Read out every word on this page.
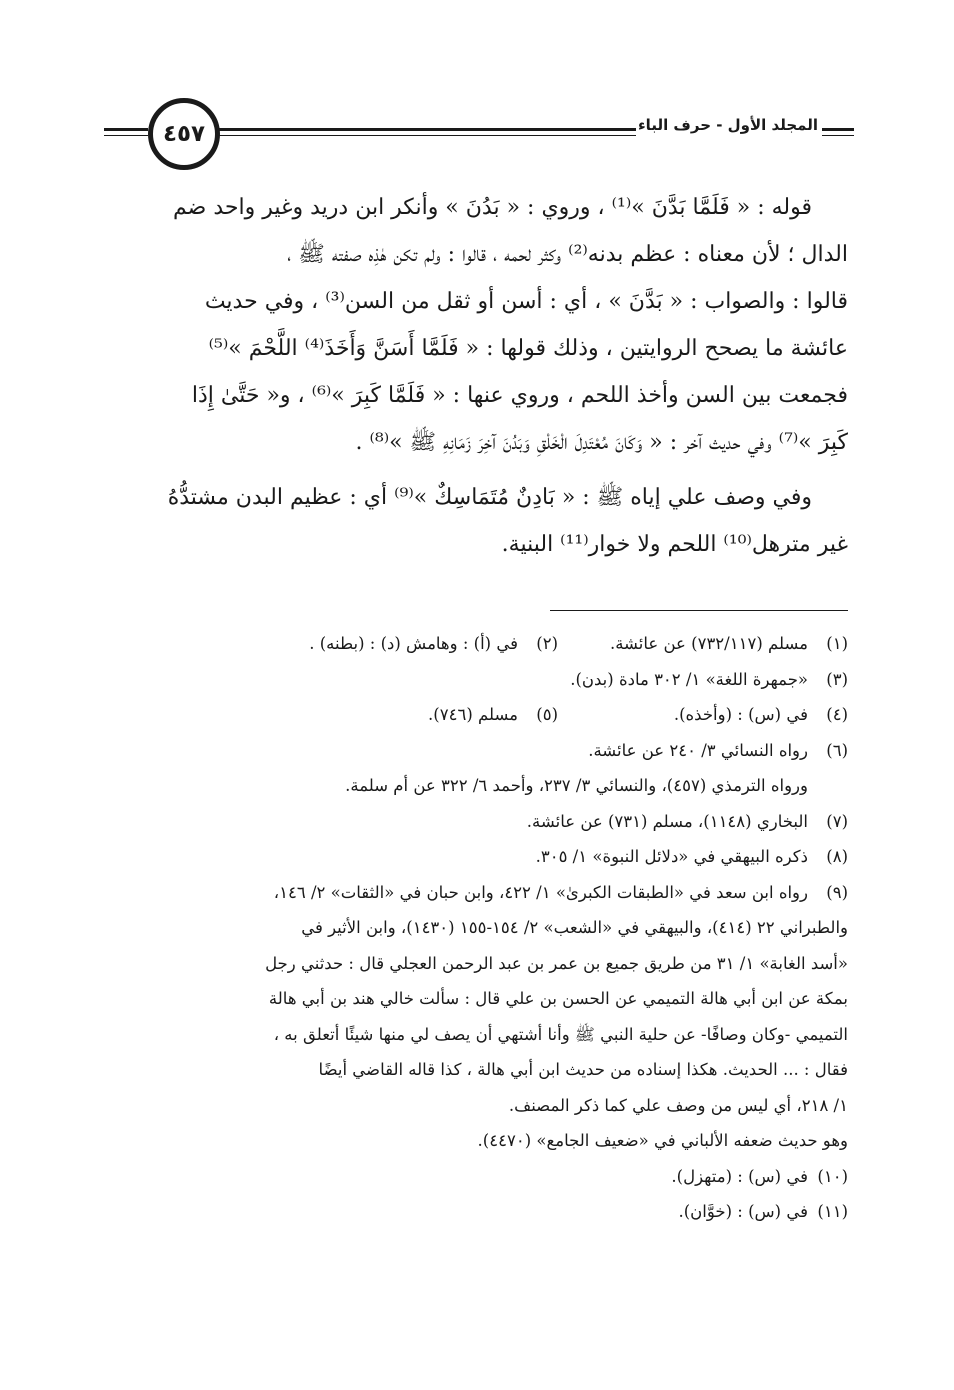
٤٥٧	المجلد الأول - حرف الباء

قوله : « فَلَمَّا بَدَّنَ »⁽¹⁾ ، وروي : « بَدُنَ » وأنكر ابن دريد وغير واحد ضم

الدال ؛ لأن معناه : عظم بدنه⁽²⁾ وكثر لحمه ، قالوا : ولم تكن هٰذِه صفته ﷺ ،

قالوا : والصواب : « بَدَّنَ » ، أي : أسن أو ثقل من السن⁽³⁾ ، وفي حديث

عائشة ما يصحح الروايتين ، وذلك قولها : « فَلَمَّا أَسَنَّ وَأَخَذَ⁽⁴⁾ اللَّحْمَ »⁽⁵⁾

فجمعت بين السن وأخذ اللحم ، وروي عنها : « فَلَمَّا كَبِرَ »⁽⁶⁾ ، و« حَتَّىٰ إِذَا

كَبِرَ »⁽⁷⁾ وفي حديث آخر : « وَكَانَ مُعْتَدِلَ الْخَلْقِ وَبَدُنَ آخِرَ زَمَانِهِ ﷺ »⁽⁸⁾ .

وفي وصف علي إياه ﷺ : « بَادِنٌ مُتَمَاسِكٌ »⁽⁹⁾ أي : عظيم البدن مشتدُّهُ

غير مترهل⁽¹⁰⁾ اللحم ولا خوار⁽¹¹⁾ البنية.

(١)
مسلم (٧٣٢/١١٧) عن عائشة.
(٢)
في (أ) : وهامش (د) : (بطنه) .
(٣)
«جمهرة اللغة» ١/ ٣٠٢ مادة (بدن).
(٤)
في (س) : (وأخذه).
(٥)
مسلم (٧٤٦).
(٦)
رواه النسائي ٣/ ٢٤٠ عن عائشة.
ورواه الترمذي (٤٥٧)، والنسائي ٣/ ٢٣٧، وأحمد ٦/ ٣٢٢ عن أم سلمة.
(٧)
البخاري (١١٤٨)، مسلم (٧٣١) عن عائشة.
(٨)
ذكره البيهقي في «دلائل النبوة» ١/ ٣٠٥.
(٩)
رواه ابن سعد في «الطبقات الكبرىٰ» ١/ ٤٢٢، وابن حبان في «الثقات» ٢/ ١٤٦،
والطبراني ٢٢ (٤١٤)، والبيهقي في «الشعب» ٢/ ١٥٤-١٥٥ (١٤٣٠)، وابن الأثير في
«أسد الغابة» ١/ ٣١ من طريق جميع بن عمر بن عبد الرحمن العجلي قال : حدثني رجل
بمكة عن ابن أبي هالة التميمي عن الحسن بن علي قال : سألت خالي هند بن أبي هالة
التميمي -وكان وصافًا- عن حلية النبي ﷺ وأنا أشتهي أن يصف لي منها شيئًا أتعلق به ،
فقال : ... الحديث. هكذا إسناده من حديث ابن أبي هالة ، كذا قاله القاضي أيضًا
١/ ٢١٨، أي ليس من وصف علي كما ذكر المصنف.
وهو حديث ضعفه الألباني في «ضعيف الجامع» (٤٤٧٠).
(١٠)
في (س) : (متهزل).
(١١)
في (س) : (خوَّان).
